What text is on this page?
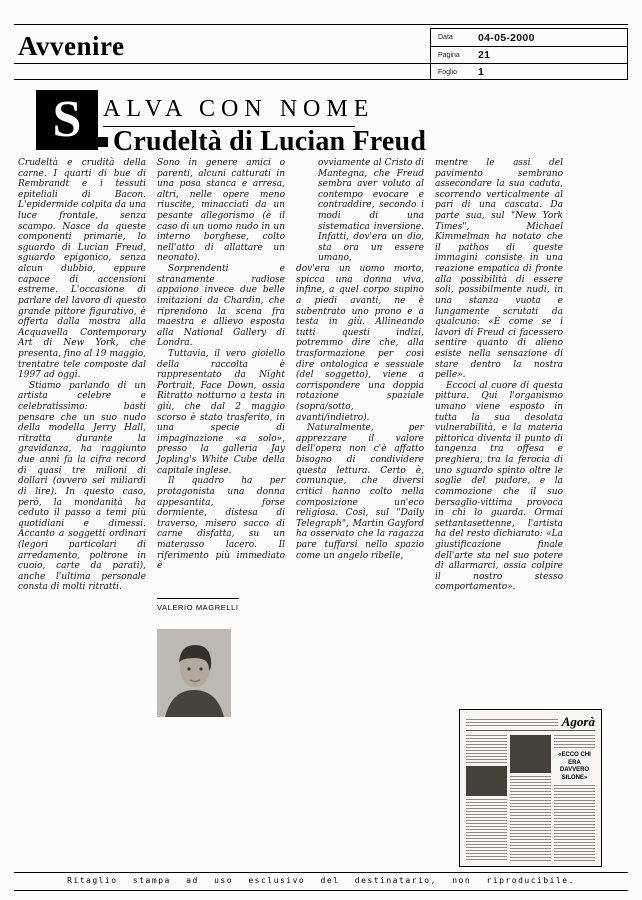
Avvenire	Data	04-05-2000
Pagina	21
Foglio	1
S ALVA CON NOME
Crudeltà di Lucian Freud

Crudeltà e crudità della carne. I quarti di bue di Rembrandt e i tessuti epiteliali di Bacon. L'epidermide colpita da una luce frontale, senza scampo. Nasce da queste componenti primarie, lo sguardo di Lucian Freud, sguardo epigonico, senza alcun dubbio, eppure capace di accensioni estreme. L'occasione di parlare del lavoro di questo grande pittore figurativo, è offerta dalla mostra alla Acquavella Contemporary Art di New York, che presenta, fino al 19 maggio, trentatre tele composte dal 1997 ad oggi.

Stiamo parlando di un artista celebre e celebratissimo: basti pensare che un suo nudo della modella Jerry Hall, ritratta durante la gravidanza, ha raggiunto due anni fa la cifra record di quasi tre milioni di dollari (ovvero sei miliardi di lire). In questo caso, però, la mondanità ha ceduto il passo a temi più quotidiani e dimessi. Accanto a soggetti ordinari (legori particolari di arredamento, poltrone in cuoio, carte da parati), anche l'ultima personale consta di molti ritratti.

Sono in genere amici o parenti, alcuni catturati in una posa stanca e arresa, altri, nelle opere meno riuscite, minacciati da un pesante allegorismo (è il caso di un uomo nudo in un interno borghese, colto nell'atto di allattare un neonato).

Sorprendenti e stranamente radiose appaiono invece due belle imitazioni da Chardin, che riprendono la scena fra maestra e allievo esposta alla National Gallery di Londra.

Tuttavia, il vero gioiello della raccolta è rappresentato da Night Portrait, Face Down, ossia Ritratto notturno a testa in giù, che dal 2 maggio scorso è stato trasferito, in una specie di impaginazione «a solo», presso la galleria Jay Jopling's White Cube della capitale inglese.

Il quadro ha per protagonista una donna appesantita, forse dormiente, distesa di traverso, misero sacco di carne disfatta, su un materasso lacero. Il riferimento più immediato è

VALERIO MAGRELLI

ovviamente al Cristo di Mantegna, che Freud sembra aver voluto al contempo evocare e contraddire, secondo i modi di una sistematica inversione. Infatti, dov'era un dio, sta ora un essere umano,

dov'era un uomo morto, spicca una donna viva, infine, a quel corpo supino a piedi avanti, ne è subentrato uno prono e a testa in giù. Allineando tutti questi indizi, potremmo dire che, alla trasformazione per così dire ontologica e sessuale (del soggetto), viene a corrispondere una doppia rotazione spaziale (sopra/sotto, avanti/indietro).

Naturalmente, per apprezzare il valore dell'opera non c'è affatto bisogno di condividere questa lettura. Certo è, comunque, che diversi critici hanno colto nella composizione un'eco religiosa. Così, sul "Daily Telegraph", Martin Gayford ha osservato che la ragazza pare tuffarsi nello spazio come un angelo ribelle,

mentre le assi del pavimento sembrano assecondare la sua caduta, scorrendo verticalmente al pari di una cascata. Da parte sua, sul "New York Times", Michael Kimmelman ha notato che il pathos di queste immagini consiste in una reazione empatica di fronte alla possibilità di essere soli, possibilmente nudi, in una stanza vuota e lungamente scrutati da qualcuno: «È come se i lavori di Freud ci facessero sentire quanto di alieno esiste nella sensazione di stare dentro la nostra pelle».

Eccoci al cuore di questa pittura. Qui l'organismo umano viene esposto in tutta la sua desolata vulnerabilità, e la materia pittorica diventa il punto di tangenza tra offesa e preghiera, tra la ferocia di uno sguardo spinto oltre le soglie del pudore, e la commozione che il suo bersaglio-vittima provoca in chi lo guarda. Ormai settantasettenne, l'artista ha del resto dichiarato: «La giustificazione finale dell'arte sta nel suo potere di allarmarci, ossia colpire il nostro stesso comportamento».

Agorà
«ECCO CHI ERA DAVVERO SILONE»
Ritaglio stampa ad uso esclusivo del destinatario, non riproducibile.
